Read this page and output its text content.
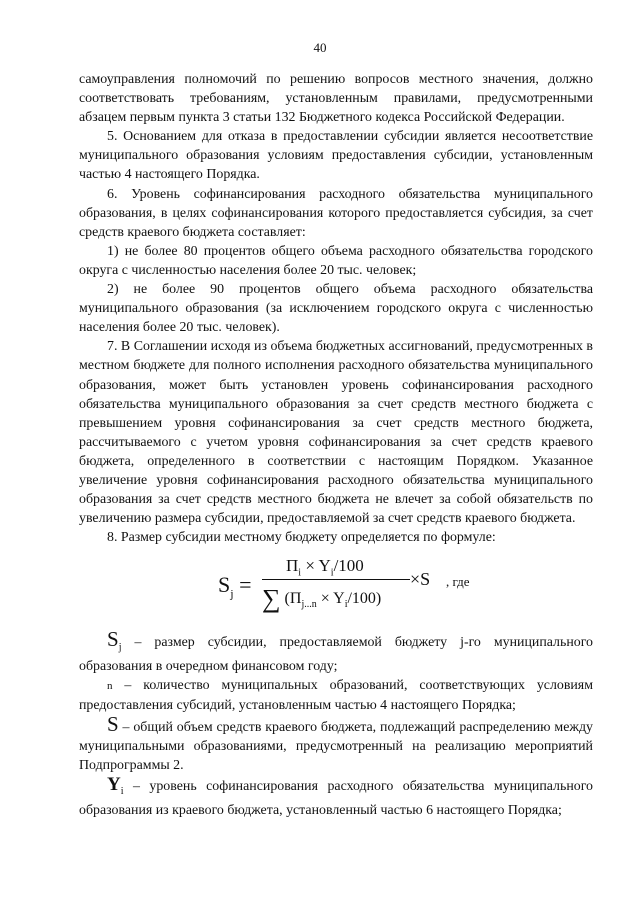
40

самоуправления полномочий по решению вопросов местного значения, должно соответствовать требованиям, установленным правилами, предусмотренными абзацем первым пункта 3 статьи 132 Бюджетного кодекса Российской Федерации.

5. Основанием для отказа в предоставлении субсидии является несоответствие муниципального образования условиям предоставления субсидии, установленным частью 4 настоящего Порядка.

6. Уровень софинансирования расходного обязательства муниципального образования, в целях софинансирования которого предоставляется субсидия, за счет средств краевого бюджета составляет:

1) не более 80 процентов общего объема расходного обязательства городского округа с численностью населения более 20 тыс. человек;

2) не более 90 процентов общего объема расходного обязательства муниципального образования (за исключением городского округа с численностью населения более 20 тыс. человек).

7. В Соглашении исходя из объема бюджетных ассигнований, предусмотренных в местном бюджете для полного исполнения расходного обязательства муниципального образования, может быть установлен уровень софинансирования расходного обязательства муниципального образования за счет средств местного бюджета с превышением уровня софинансирования за счет средств местного бюджета, рассчитываемого с учетом уровня софинансирования за счет средств краевого бюджета, определенного в соответствии с настоящим Порядком. Указанное увеличение уровня софинансирования расходного обязательства муниципального образования за счет средств местного бюджета не влечет за собой обязательств по увеличению размера субсидии, предоставляемой за счет средств краевого бюджета.

8. Размер субсидии местному бюджету определяется по формуле:

$S_j$ =
$П_i \times Y_i/100$
∑ $(П_{j...n} \times Y_i/100)$
×S , где

$S_j$ – размер субсидии, предоставляемой бюджету j-го муниципального образования в очередном финансовом году;

n – количество муниципальных образований, соответствующих условиям предоставления субсидий, установленным частью 4 настоящего Порядка;

S – общий объем средств краевого бюджета, подлежащий распределению между муниципальными образованиями, предусмотренный на реализацию мероприятий Подпрограммы 2.

$Y_i$ – уровень софинансирования расходного обязательства муниципального образования из краевого бюджета, установленный частью 6 настоящего Порядка;
